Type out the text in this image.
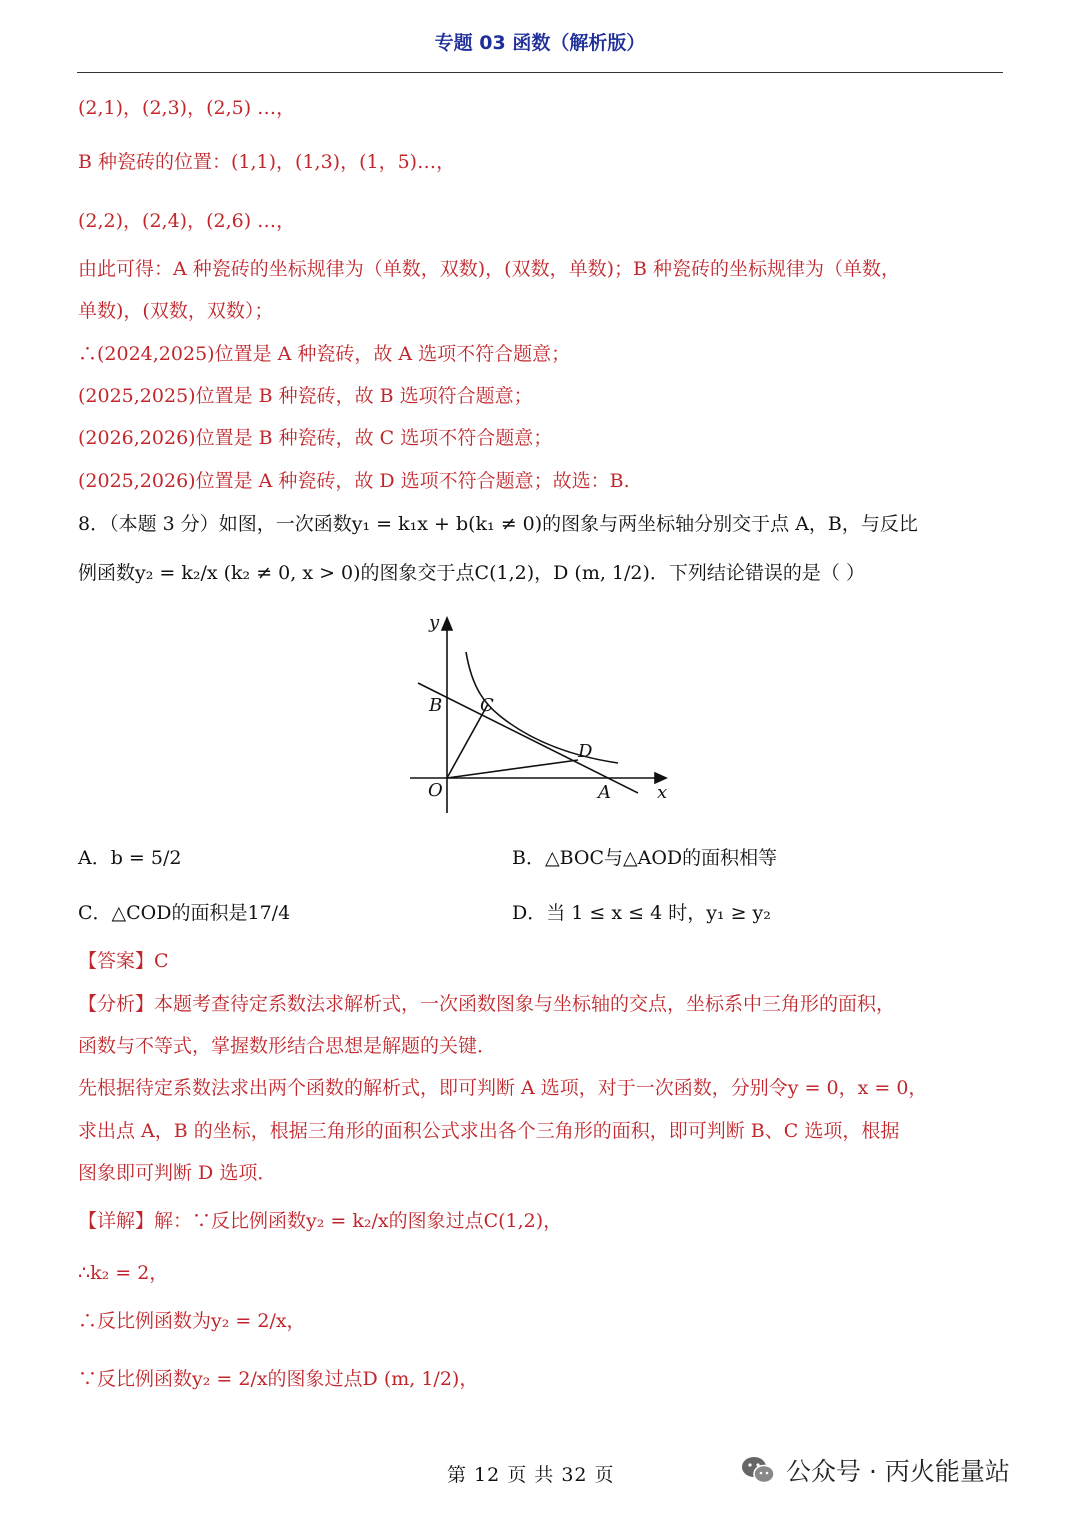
专题 03 函数（解析版）
(2,1)，(2,3)，(2,5) …，
B 种瓷砖的位置：(1,1)，(1,3)，(1，5)…，
(2,2)，(2,4)，(2,6) …，
由此可得：A 种瓷砖的坐标规律为（单数，双数)，(双数，单数)；B 种瓷砖的坐标规律为（单数，
单数)，(双数，双数）；
∴(2024,2025)位置是 A 种瓷砖，故 A 选项不符合题意；
(2025,2025)位置是 B 种瓷砖，故 B 选项符合题意；
(2026,2026)位置是 B 种瓷砖，故 C 选项不符合题意；
(2025,2026)位置是 A 种瓷砖，故 D 选项不符合题意；故选：B.
8．（本题 3 分）如图，一次函数y₁ = k₁x + b(k₁ ≠ 0)的图象与两坐标轴分别交于点 A，B，与反比
例函数y₂ = k₂/x (k₂ ≠ 0, x > 0)的图象交于点C(1,2)，D (m, 1/2)．下列结论错误的是（ ）
y
x
O	A
B C
D
A．b = 5/2	B．△BOC与△AOD的面积相等
C．△COD的面积是17/4	D．当 1 ≤ x ≤ 4 时，y₁ ≥ y₂
【答案】C
【分析】本题考查待定系数法求解析式，一次函数图象与坐标轴的交点，坐标系中三角形的面积，
函数与不等式，掌握数形结合思想是解题的关键．
先根据待定系数法求出两个函数的解析式，即可判断 A 选项，对于一次函数，分别令y = 0，x = 0，
求出点 A，B 的坐标，根据三角形的面积公式求出各个三角形的面积，即可判断 B、C 选项，根据
图象即可判断 D 选项．
【详解】解：∵反比例函数y₂ = k₂/x的图象过点C(1,2)，
∴k₂ = 2，
∴反比例函数为y₂ = 2/x，
∵反比例函数y₂ = 2/x的图象过点D (m, 1/2)，
第 12 页 共 32 页	公众号 · 丙火能量站
